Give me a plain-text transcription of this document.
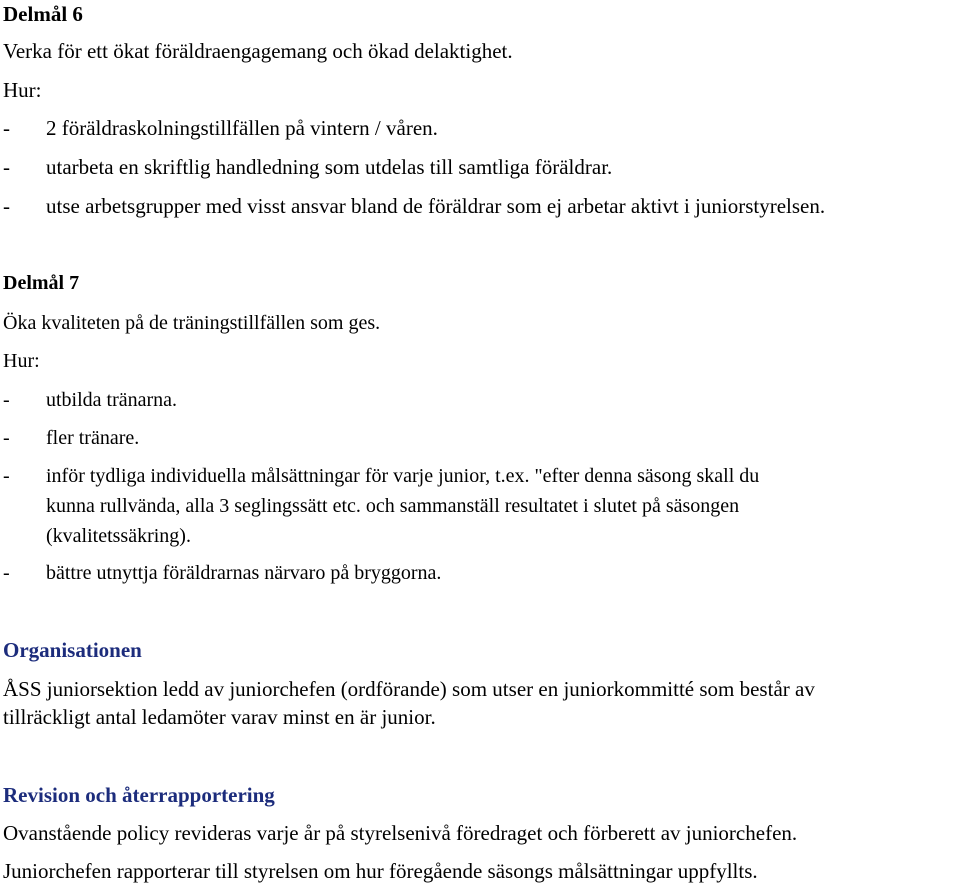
Delmål 6
Verka för ett ökat föräldraengagemang och ökad delaktighet.
Hur:
- 2 föräldraskolningstillfällen på vintern / våren.
- utarbeta en skriftlig handledning som utdelas till samtliga föräldrar.
- utse arbetsgrupper med visst ansvar bland de föräldrar som ej arbetar aktivt i juniorstyrelsen.
Delmål 7
Öka kvaliteten på de träningstillfällen som ges.
Hur:
- utbilda tränarna.
- fler tränare.
- inför tydliga individuella målsättningar för varje junior, t.ex. "efter denna säsong skall du
kunna rullvända, alla 3 seglingssätt etc. och sammanställ resultatet i slutet på säsongen
(kvalitetssäkring).
- bättre utnyttja föräldrarnas närvaro på bryggorna.
Organisationen
ÅSS juniorsektion ledd av juniorchefen (ordförande) som utser en juniorkommitté som består av
tillräckligt antal ledamöter varav minst en är junior.
Revision och återrapportering
Ovanstående policy revideras varje år på styrelsenivå föredraget och förberett av juniorchefen.
Juniorchefen rapporterar till styrelsen om hur föregående säsongs målsättningar uppfyllts.
